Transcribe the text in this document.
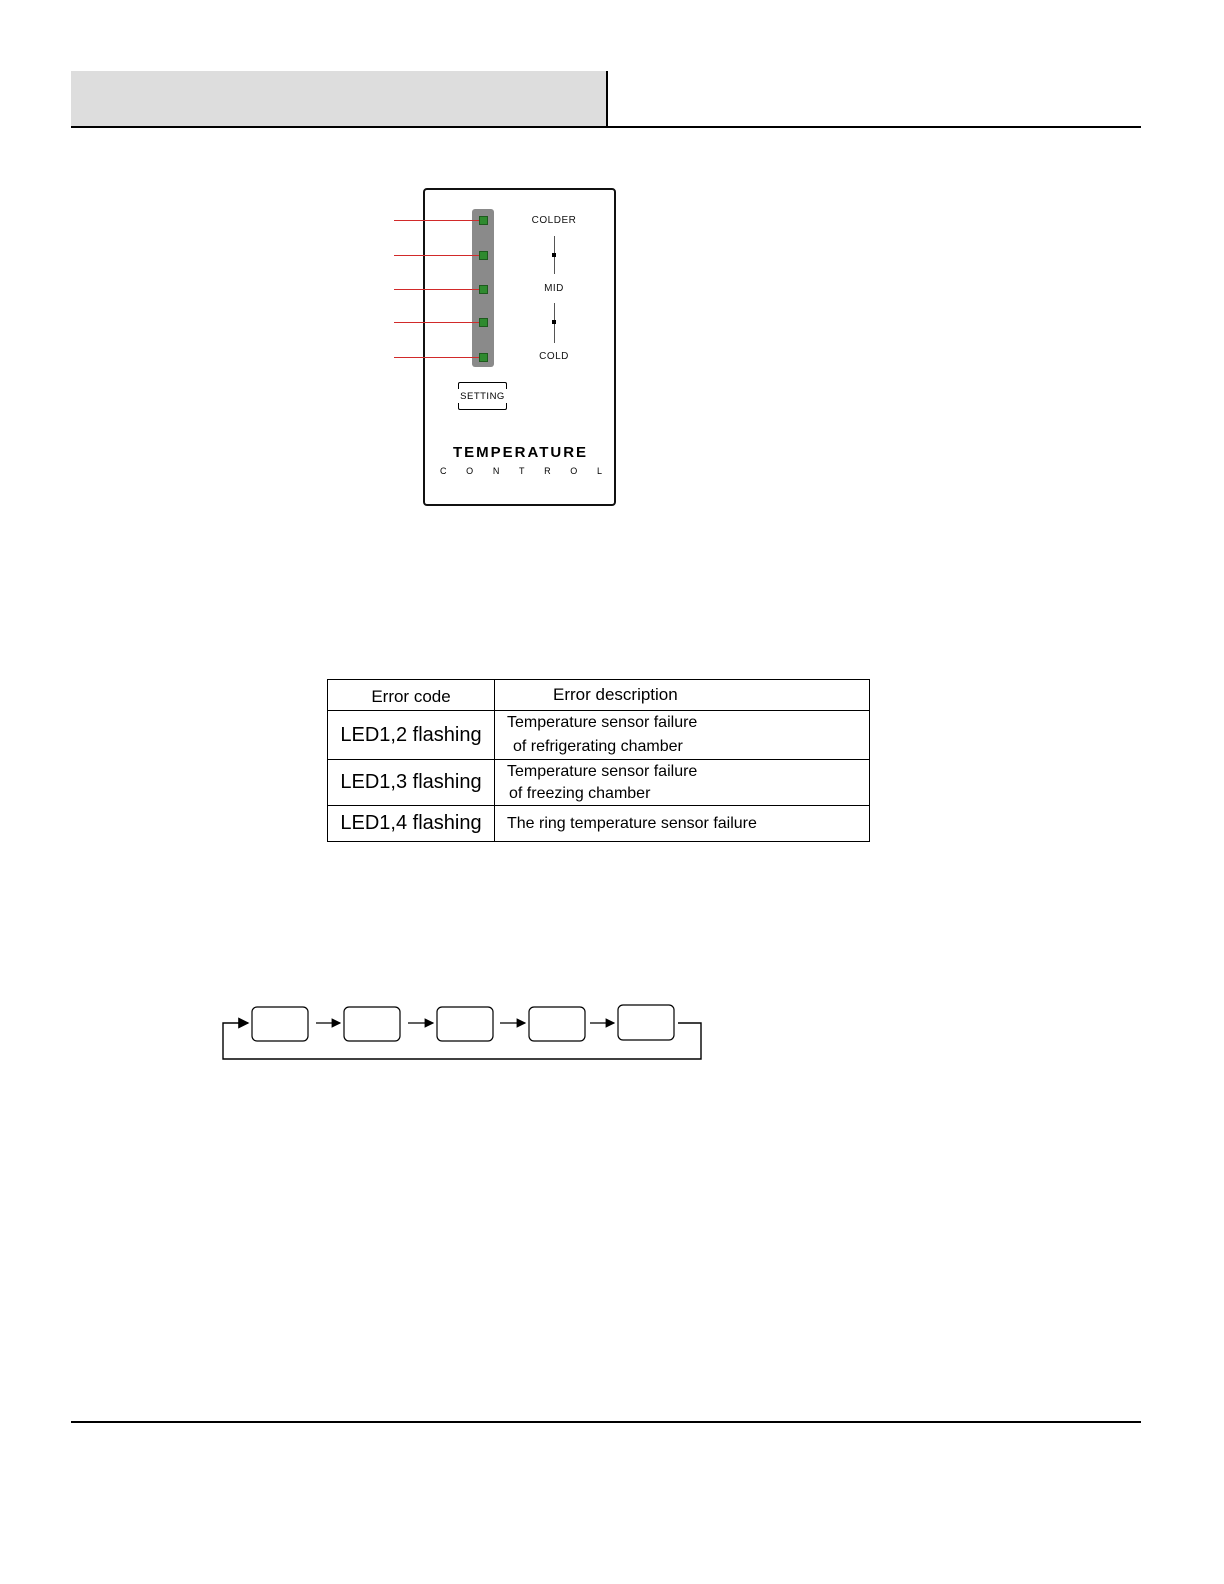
COLDER
MID
COLD
SETTING
TEMPERATURE
C O N T R O L
Error code	Error description
LED1,2 flashing	Temperature sensor failure
of refrigerating chamber

LED1,3 flashing	Temperature sensor failure
of freezing chamber

LED1,4 flashing	The ring temperature sensor failure
